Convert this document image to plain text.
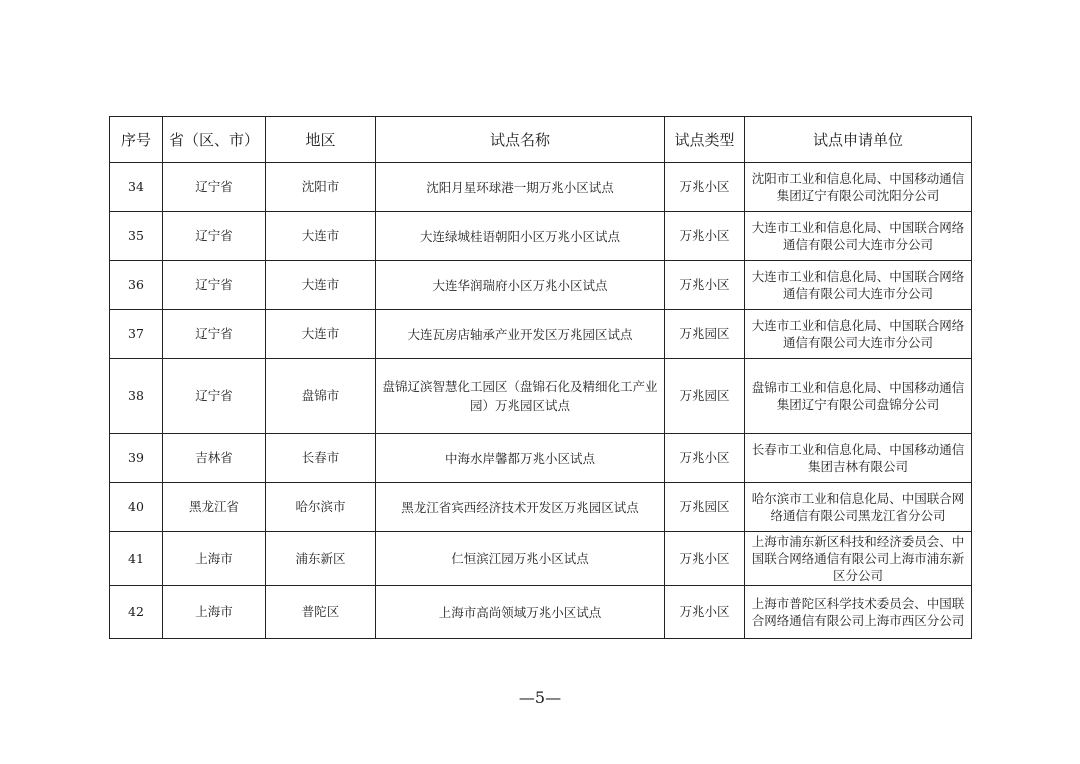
序号	省（区、市）	地区	试点名称	试点类型	试点申请单位
34	辽宁省	沈阳市	沈阳月星环球港一期万兆小区试点	万兆小区	沈阳市工业和信息化局、中国移动通信集团辽宁有限公司沈阳分公司
35	辽宁省	大连市	大连绿城桂语朝阳小区万兆小区试点	万兆小区	大连市工业和信息化局、中国联合网络通信有限公司大连市分公司
36	辽宁省	大连市	大连华润瑞府小区万兆小区试点	万兆小区	大连市工业和信息化局、中国联合网络通信有限公司大连市分公司
37	辽宁省	大连市	大连瓦房店轴承产业开发区万兆园区试点	万兆园区	大连市工业和信息化局、中国联合网络通信有限公司大连市分公司
38	辽宁省	盘锦市	盘锦辽滨智慧化工园区（盘锦石化及精细化工产业园）万兆园区试点	万兆园区	盘锦市工业和信息化局、中国移动通信集团辽宁有限公司盘锦分公司
39	吉林省	长春市	中海水岸馨都万兆小区试点	万兆小区	长春市工业和信息化局、中国移动通信集团吉林有限公司
40	黑龙江省	哈尔滨市	黑龙江省宾西经济技术开发区万兆园区试点	万兆园区	哈尔滨市工业和信息化局、中国联合网络通信有限公司黑龙江省分公司
41	上海市	浦东新区	仁恒滨江园万兆小区试点	万兆小区	上海市浦东新区科技和经济委员会、中国联合网络通信有限公司上海市浦东新区分公司
42	上海市	普陀区	上海市高尚领域万兆小区试点	万兆小区	上海市普陀区科学技术委员会、中国联合网络通信有限公司上海市西区分公司
—5—
